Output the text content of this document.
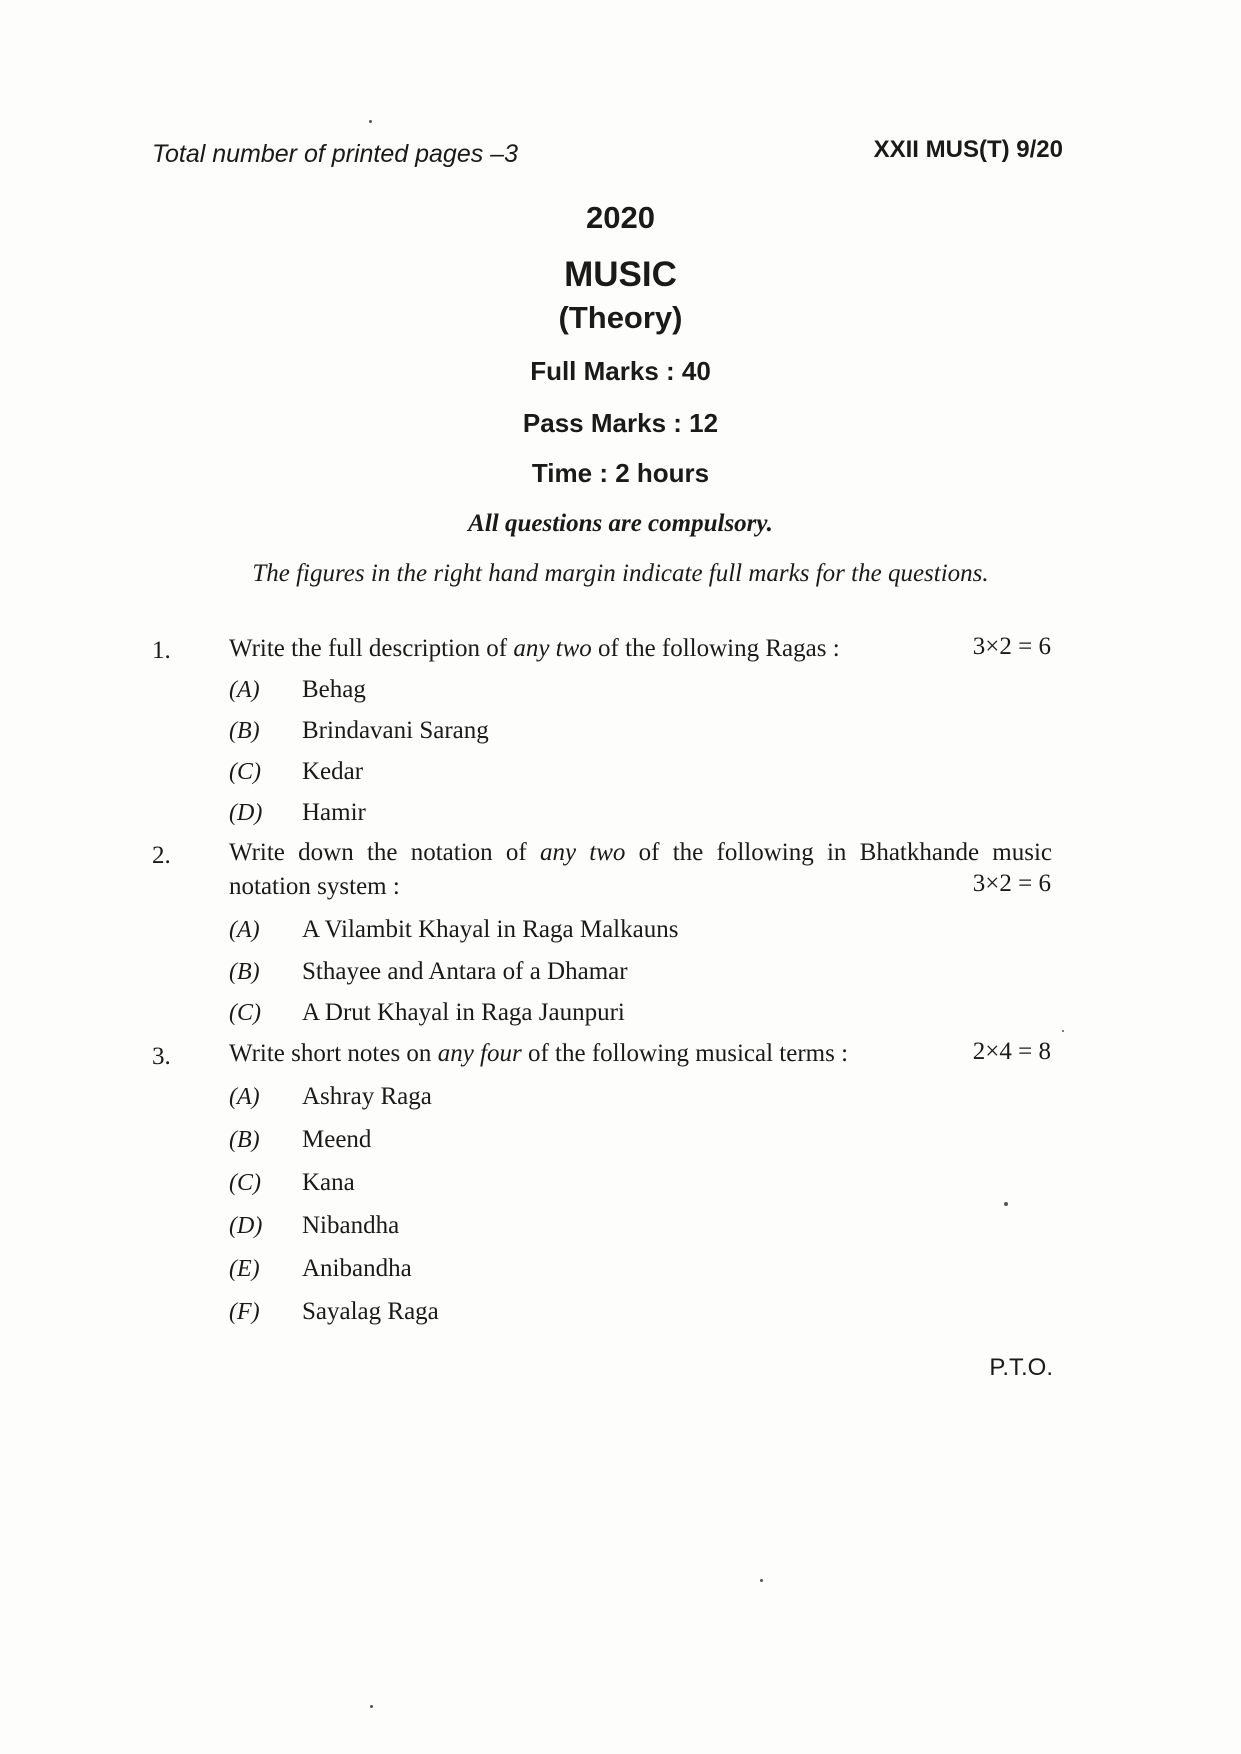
Total number of printed pages –3	XXII MUS(T) 9/20
2020
MUSIC
(Theory)
Full Marks : 40
Pass Marks : 12
Time : 2 hours
All questions are compulsory.
The figures in the right hand margin indicate full marks for the questions.
1. Write the full description of any two of the following Ragas :	3×2 = 6
(A) Behag
(B) Brindavani Sarang
(C) Kedar
(D) Hamir
2. Write down the notation of any two of the following in Bhatkhande music notation system :	3×2 = 6
(A) A Vilambit Khayal in Raga Malkauns
(B) Sthayee and Antara of a Dhamar
(C) A Drut Khayal in Raga Jaunpuri
3. Write short notes on any four of the following musical terms :	2×4 = 8
(A) Ashray Raga
(B) Meend
(C) Kana
(D) Nibandha
(E) Anibandha
(F) Sayalag Raga
P.T.O.
